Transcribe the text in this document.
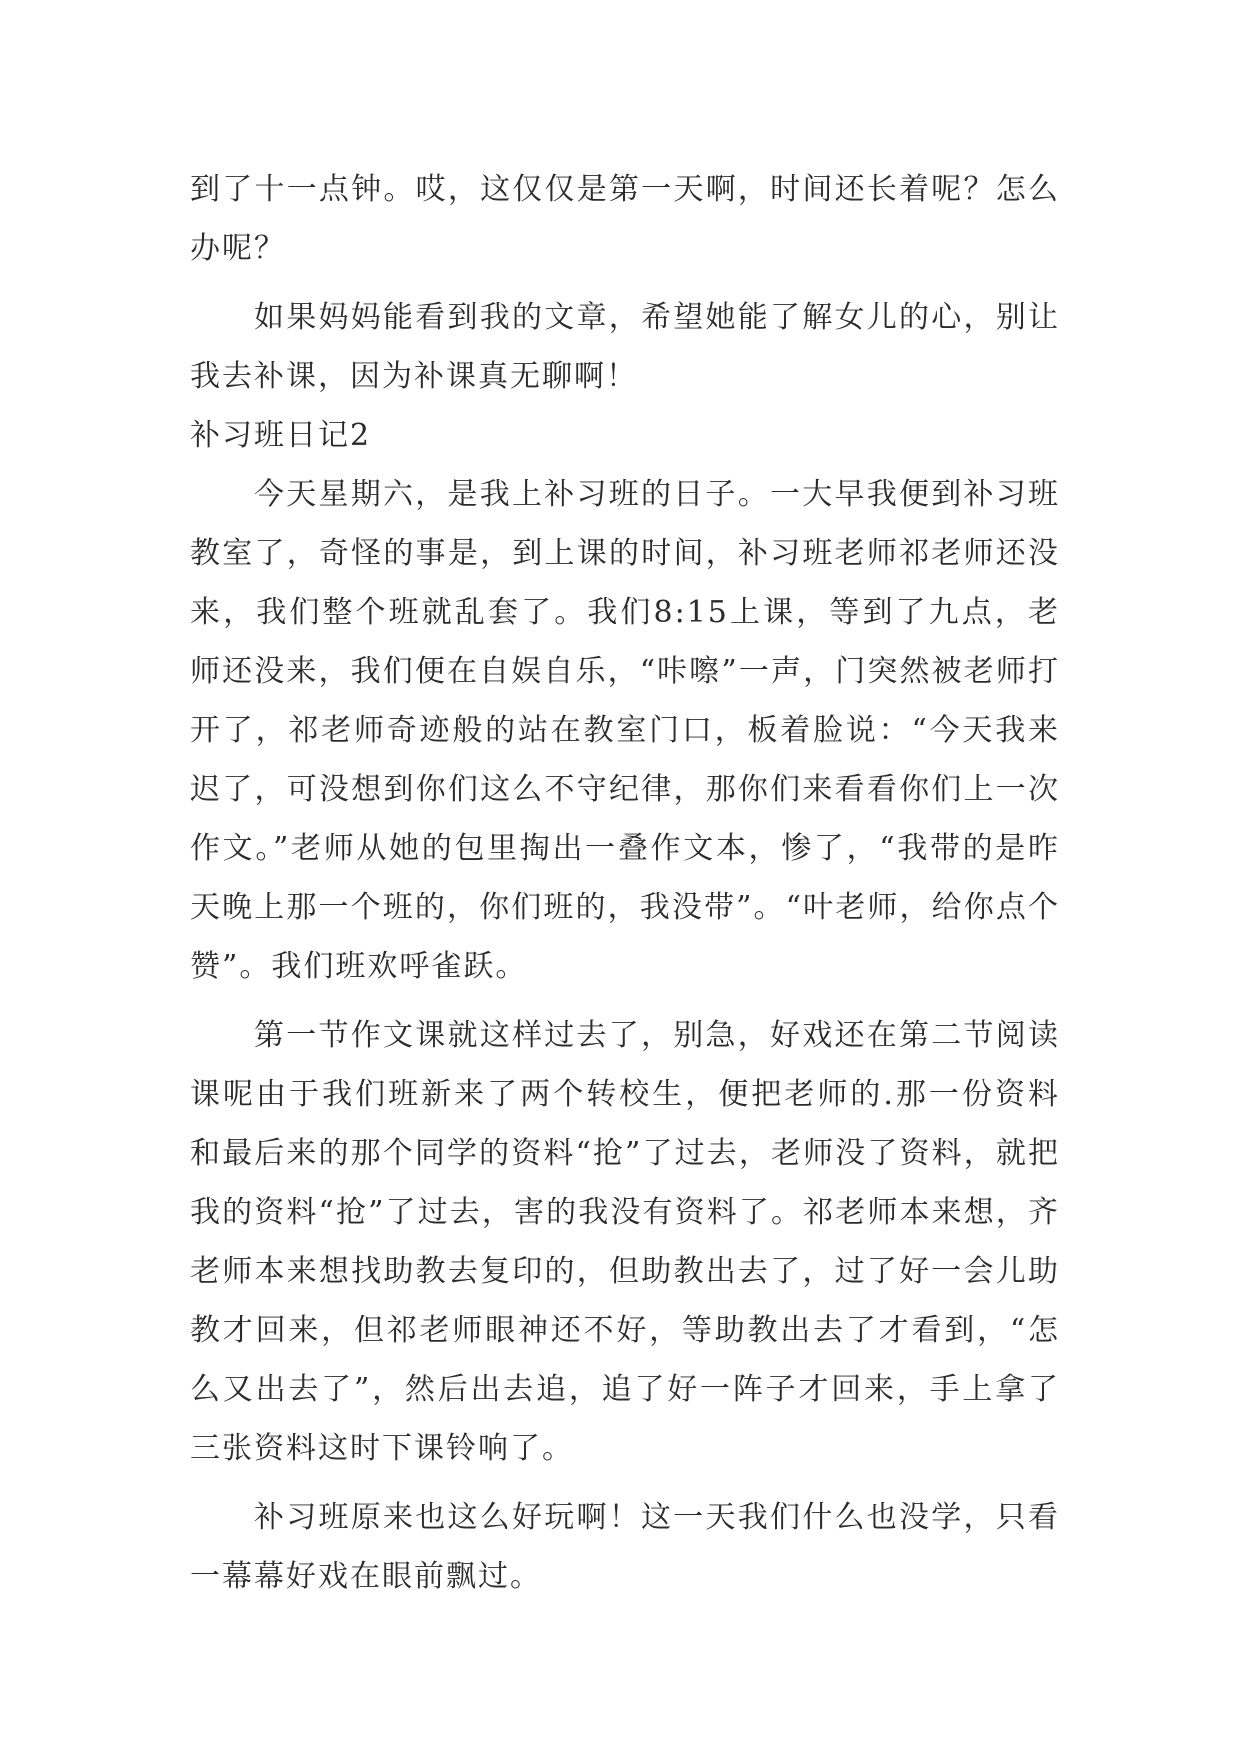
到了十一点钟。哎，这仅仅是第一天啊，时间还长着呢？怎么办呢？

如果妈妈能看到我的文章，希望她能了解女儿的心，别让我去补课，因为补课真无聊啊！

补习班日记2

今天星期六，是我上补习班的日子。一大早我便到补习班教室了，奇怪的事是，到上课的时间，补习班老师祁老师还没来，我们整个班就乱套了。我们8:15上课，等到了九点，老师还没来，我们便在自娱自乐，“咔嚓”一声，门突然被老师打开了，祁老师奇迹般的站在教室门口，板着脸说：“今天我来迟了，可没想到你们这么不守纪律，那你们来看看你们上一次作文。”老师从她的包里掏出一叠作文本，惨了，“我带的是昨天晚上那一个班的，你们班的，我没带”。“叶老师，给你点个赞”。我们班欢呼雀跃。

第一节作文课就这样过去了，别急，好戏还在第二节阅读课呢由于我们班新来了两个转校生，便把老师的.那一份资料和最后来的那个同学的资料“抢”了过去，老师没了资料，就把我的资料“抢”了过去，害的我没有资料了。祁老师本来想，齐老师本来想找助教去复印的，但助教出去了，过了好一会儿助教才回来，但祁老师眼神还不好，等助教出去了才看到，“怎么又出去了”，然后出去追，追了好一阵子才回来，手上拿了三张资料这时下课铃响了。

补习班原来也这么好玩啊！这一天我们什么也没学，只看一幕幕好戏在眼前飘过。
